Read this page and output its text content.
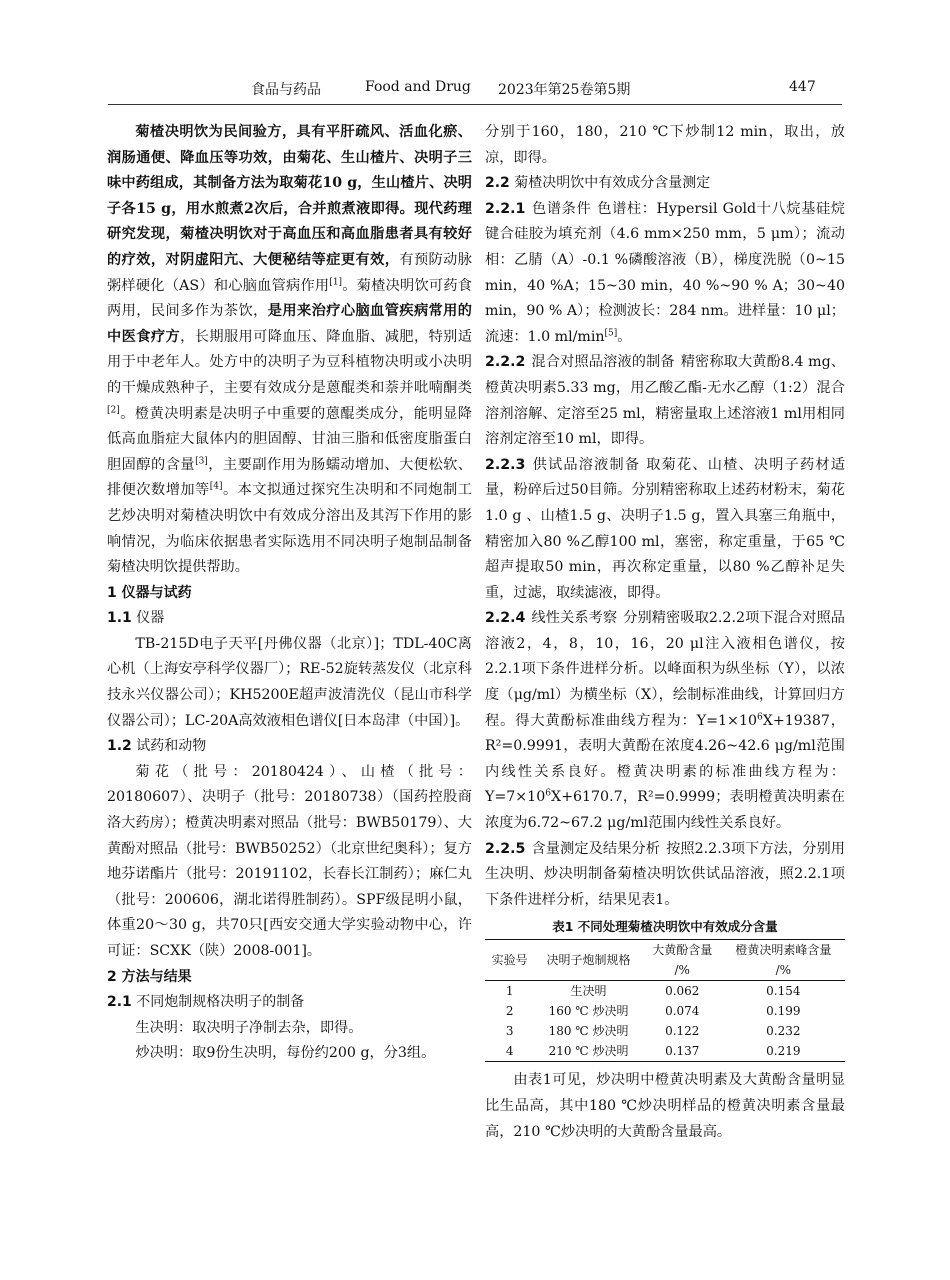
食品与药品	Food and Drug 2023年第25卷第5期	447

菊楂决明饮为民间验方，具有平肝疏风、活血化瘀、润肠通便、降血压等功效，由菊花、生山楂片、决明子三味中药组成，其制备方法为取菊花10 g，生山楂片、决明子各15 g，用水煎煮2次后，合并煎煮液即得。现代药理研究发现，菊楂决明饮对于高血压和高血脂患者具有较好的疗效，对阴虚阳亢、大便秘结等症更有效，有预防动脉粥样硬化（AS）和心脑血管病作用[1]。菊楂决明饮可药食两用，民间多作为茶饮，是用来治疗心脑血管疾病常用的中医食疗方，长期服用可降血压、降血脂、减肥，特别适用于中老年人。处方中的决明子为豆科植物决明或小决明的干燥成熟种子，主要有效成分是蒽醌类和萘并吡喃酮类[2]。橙黄决明素是决明子中重要的蒽醌类成分，能明显降低高血脂症大鼠体内的胆固醇、甘油三脂和低密度脂蛋白胆固醇的含量[3]，主要副作用为肠蠕动增加、大便松软、排便次数增加等[4]。本文拟通过探究生决明和不同炮制工艺炒决明对菊楂决明饮中有效成分溶出及其泻下作用的影响情况，为临床依据患者实际选用不同决明子炮制品制备菊楂决明饮提供帮助。

1 仪器与试药

1.1 仪器

TB-215D电子天平[丹佛仪器（北京）]；TDL-40C离心机（上海安亭科学仪器厂）；RE-52旋转蒸发仪（北京科技永兴仪器公司）；KH5200E超声波清洗仪（昆山市科学仪器公司）；LC-20A高效液相色谱仪[日本岛津（中国）]。

1.2 试药和动物

菊花（批号：20180424）、山楂（批号：20180607）、决明子（批号：20180738）（国药控股商洛大药房）；橙黄决明素对照品（批号：BWB50179）、大黄酚对照品（批号：BWB50252）（北京世纪奥科）；复方地芬诺酯片（批号：20191102，长春长江制药）；麻仁丸（批号：200606，湖北诺得胜制药）。SPF级昆明小鼠，体重20～30 g，共70只[西安交通大学实验动物中心，许可证：SCXK（陕）2008-001]。

2 方法与结果

2.1 不同炮制规格决明子的制备

生决明：取决明子净制去杂，即得。

炒决明：取9份生决明，每份约200 g，分3组。

分别于160，180，210 ℃下炒制12 min，取出，放凉，即得。

2.2 菊楂决明饮中有效成分含量测定

2.2.1 色谱条件 色谱柱：Hypersil Gold十八烷基硅烷键合硅胶为填充剂（4.6 mm×250 mm，5 μm）；流动相：乙腈（A）-0.1 %磷酸溶液（B），梯度洗脱（0~15 min，40 %A；15~30 min，40 %~90 % A；30~40 min，90 % A）；检测波长：284 nm。进样量：10 μl；流速：1.0 ml/min[5]。

2.2.2 混合对照品溶液的制备 精密称取大黄酚8.4 mg、橙黄决明素5.33 mg，用乙酸乙酯-无水乙醇（1:2）混合溶剂溶解、定溶至25 ml，精密量取上述溶液1 ml用相同溶剂定溶至10 ml，即得。

2.2.3 供试品溶液制备 取菊花、山楂、决明子药材适量，粉碎后过50目筛。分别精密称取上述药材粉末，菊花1.0 g 、山楂1.5 g、决明子1.5 g，置入具塞三角瓶中，精密加入80 %乙醇100 ml，塞密，称定重量，于65 ℃超声提取50 min，再次称定重量，以80 %乙醇补足失重，过滤，取续滤液，即得。

2.2.4 线性关系考察 分别精密吸取2.2.2项下混合对照品溶液2，4，8，10，16，20 μl注入液相色谱仪，按2.2.1项下条件进样分析。以峰面积为纵坐标（Y），以浓度（μg/ml）为横坐标（X），绘制标准曲线，计算回归方程。得大黄酚标准曲线方程为：$Y=1\times 10^6X+19387$，R²=0.9991，表明大黄酚在浓度4.26~42.6 μg/ml范围内线性关系良好。橙黄决明素的标准曲线方程为：$Y=7\times 10^6X+6170.7$，R²=0.9999；表明橙黄决明素在浓度为6.72~67.2 μg/ml范围内线性关系良好。

2.2.5 含量测定及结果分析 按照2.2.3项下方法，分别用生决明、炒决明制备菊楂决明饮供试品溶液，照2.2.1项下条件进样分析，结果见表1。

表1 不同处理菊楂决明饮中有效成分含量

实验号	决明子炮制规格	大黄酚含量	橙黄决明素峰含量
		/%	/%
1	生决明	0.062	0.154
2	160 ℃ 炒决明	0.074	0.199
3	180 ℃ 炒决明	0.122	0.232
4	210 ℃ 炒决明	0.137	0.219

由表1可见，炒决明中橙黄决明素及大黄酚含量明显比生品高，其中180 ℃炒决明样品的橙黄决明素含量最高，210 ℃炒决明的大黄酚含量最高。
